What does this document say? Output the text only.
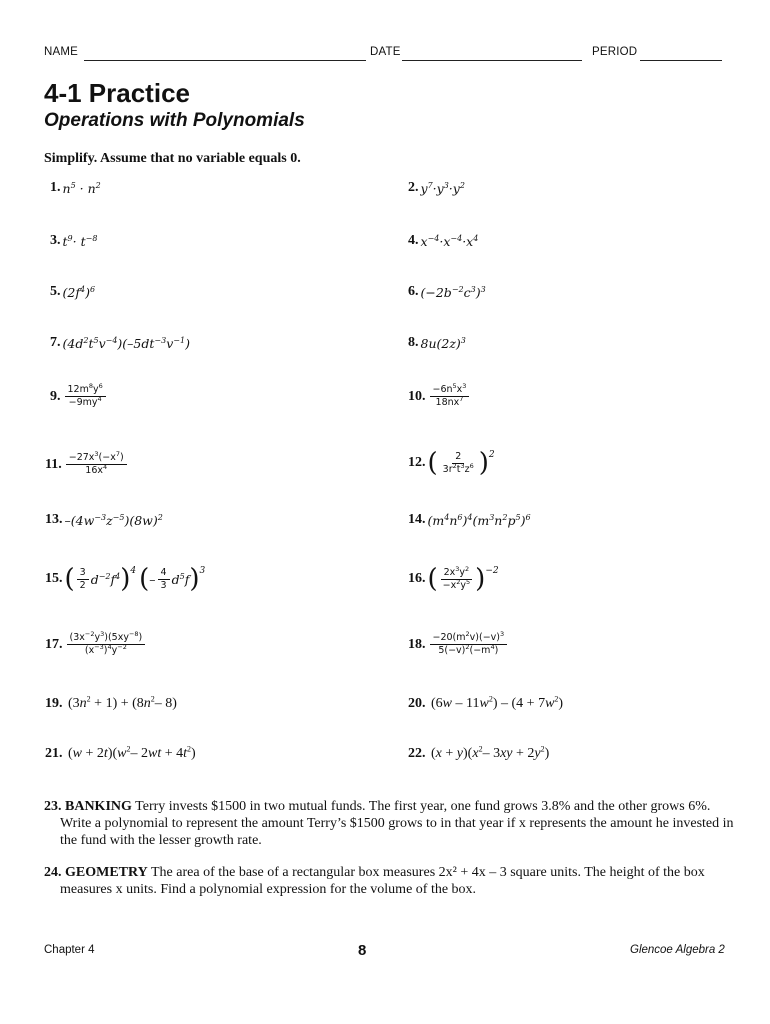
NAME	DATE	PERIOD
4-1 Practice
Operations with Polynomials
Simplify. Assume that no variable equals 0.
1. $n^5 \cdot n^2$	2. $y^7\cdot y^3\cdot y^2$
3. $t^9\cdot t^{-8}$	4. $x^{-4}\cdot x^{-4}\cdot x^4$
5. $(2f^4)^6$	6. $(-2b^{-2}c^3)^3$
7. $(4d^2t^5v^{-4})(-5dt^{-3}v^{-1})$	8. $8u(2z)^3$
9. $\frac{12m^8y^6}{-9my^4}$	10. $\frac{-6n^5x^3}{18nx^7}$
11. $\frac{-27x^3(-x^7)}{16x^4}$	12. ( $\frac{2}{3r^2t^3z^6}$ ) 2
13. $-(4w^{-3}z^{-5})(8w)^2$	14. $(m^4n^6)^4(m^3n^2p^5)^6$
15. ( $\frac{3}{2} d^{-2}f^4$ ) 4 ( – $\frac{4}{3} d^5f$ ) 3	16. ( $\frac{2x^3y^2}{-x^2y^5}$ ) −2
17. $\frac{(3x^{-2}y^3)(5xy^{-8})}{(x^{-3})^4y^{-2}}$	18. $\frac{-20(m^2v)(-v)^3}{5(-v)^2(-m^4)}$
19. $(3n^2 + 1) + (8n^2-$ 8)	20. $(6w - 11w^2) - (4 + 7w^2)$
21. $(w + 2t)(w^2-$ $2wt + 4t^2$)	22. $(x + y)(x^2-$ $3xy + 2y^2$)
23. BANKING Terry invests $1500 in two mutual funds. The first year, one fund grows 3.8% and the other grows 6%.
Write a polynomial to represent the amount Terry’s $1500 grows to in that year if x represents the amount he invested in the fund with the lesser growth rate.
24. GEOMETRY The area of the base of a rectangular box measures 2x² + 4x – 3 square units. The height of the box
measures x units. Find a polynomial expression for the volume of the box.
Chapter 4	8	Glencoe Algebra 2
